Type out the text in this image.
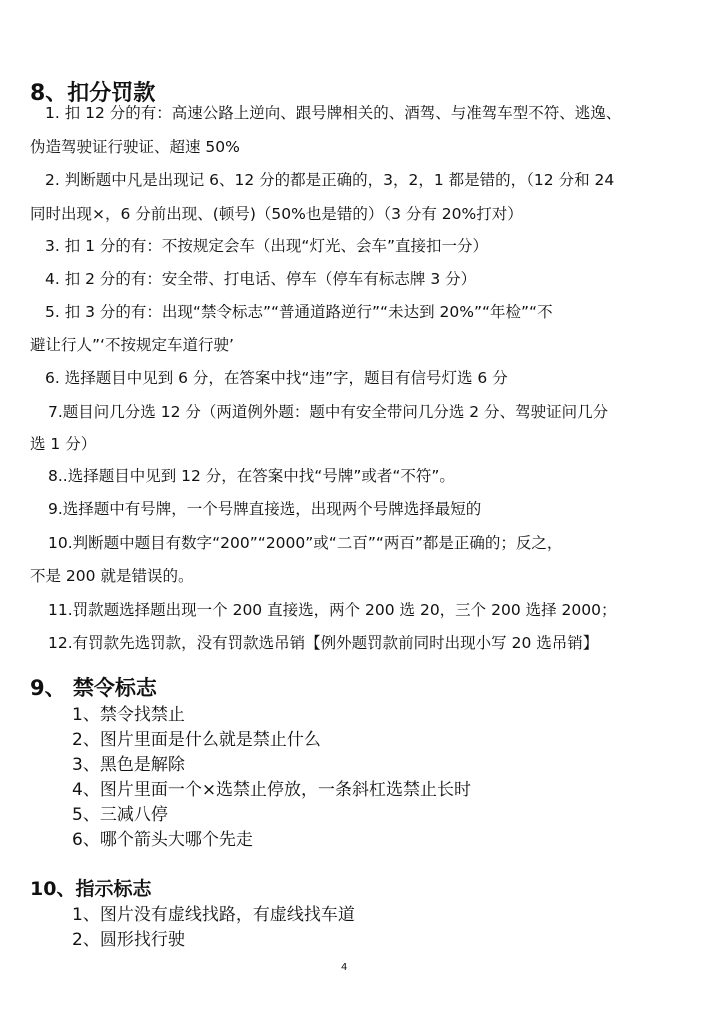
8、扣分罚款
1. 扣 12 分的有：高速公路上逆向、跟号牌相关的、酒驾、与准驾车型不符、逃逸、
伪造驾驶证行驶证、超速 50%
2. 判断题中凡是出现记 6、12 分的都是正确的，3，2，1 都是错的，（12 分和 24
同时出现×，6 分前出现、(顿号)（50%也是错的）（3 分有 20%打对）
3. 扣 1 分的有：不按规定会车（出现“灯光、会车”直接扣一分）
4. 扣 2 分的有：安全带、打电话、停车（停车有标志牌 3 分）
5. 扣 3 分的有：出现“禁令标志”“普通道路逆行”“未达到 20%”“年检”“不
避让行人”‘不按规定车道行驶’
6. 选择题目中见到 6 分，在答案中找“违”字，题目有信号灯选 6 分
7.题目问几分选 12 分（两道例外题：题中有安全带问几分选 2 分、驾驶证问几分
选 1 分）
8..选择题目中见到 12 分，在答案中找“号牌”或者“不符”。
9.选择题中有号牌，一个号牌直接选，出现两个号牌选择最短的
10.判断题中题目有数字“200”“2000”或“二百”“两百”都是正确的；反之，
不是 200 就是错误的。
11.罚款题选择题出现一个 200 直接选，两个 200 选 20，三个 200 选择 2000；
12.有罚款先选罚款，没有罚款选吊销【例外题罚款前同时出现小写 20 选吊销】
9、 禁令标志
1、禁令找禁止
2、图片里面是什么就是禁止什么
3、黑色是解除
4、图片里面一个×选禁止停放，一条斜杠选禁止长时
5、三减八停
6、哪个箭头大哪个先走
10、指示标志
1、图片没有虚线找路，有虚线找车道
2、圆形找行驶
4
